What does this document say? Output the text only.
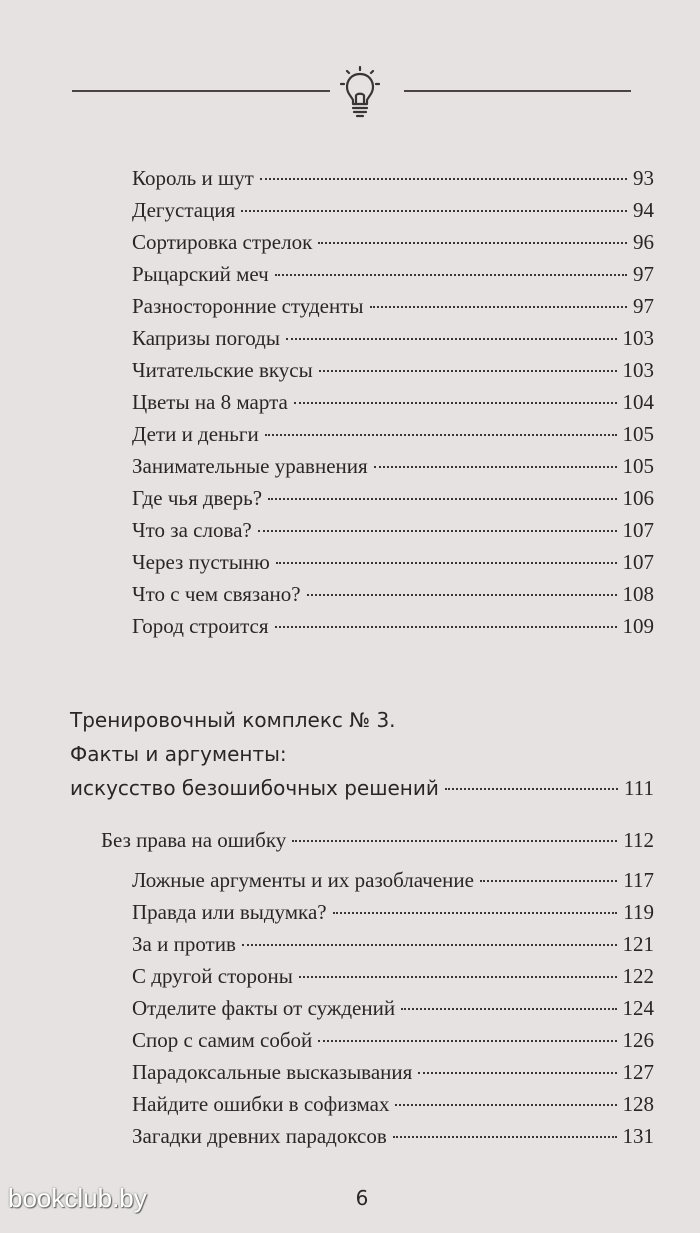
Король и шут	93
Дегустация	94
Сортировка стрелок	96
Рыцарский меч	97
Разносторонние студенты	97
Капризы погоды	103
Читательские вкусы	103
Цветы на 8 марта	104
Дети и деньги	105
Занимательные уравнения	105
Где чья дверь?	106
Что за слова?	107
Через пустыню	107
Что с чем связано?	108
Город строится	109
Тренировочный комплекс № 3.
Факты и аргументы:
искусство безошибочных решений	111
Без права на ошибку	112
Ложные аргументы и их разоблачение	117
Правда или выдумка?	119
За и против	121
С другой стороны	122
Отделите факты от суждений	124
Спор с самим собой	126
Парадоксальные высказывания	127
Найдите ошибки в софизмах	128
Загадки древних парадоксов	131
6
bookclub.by
